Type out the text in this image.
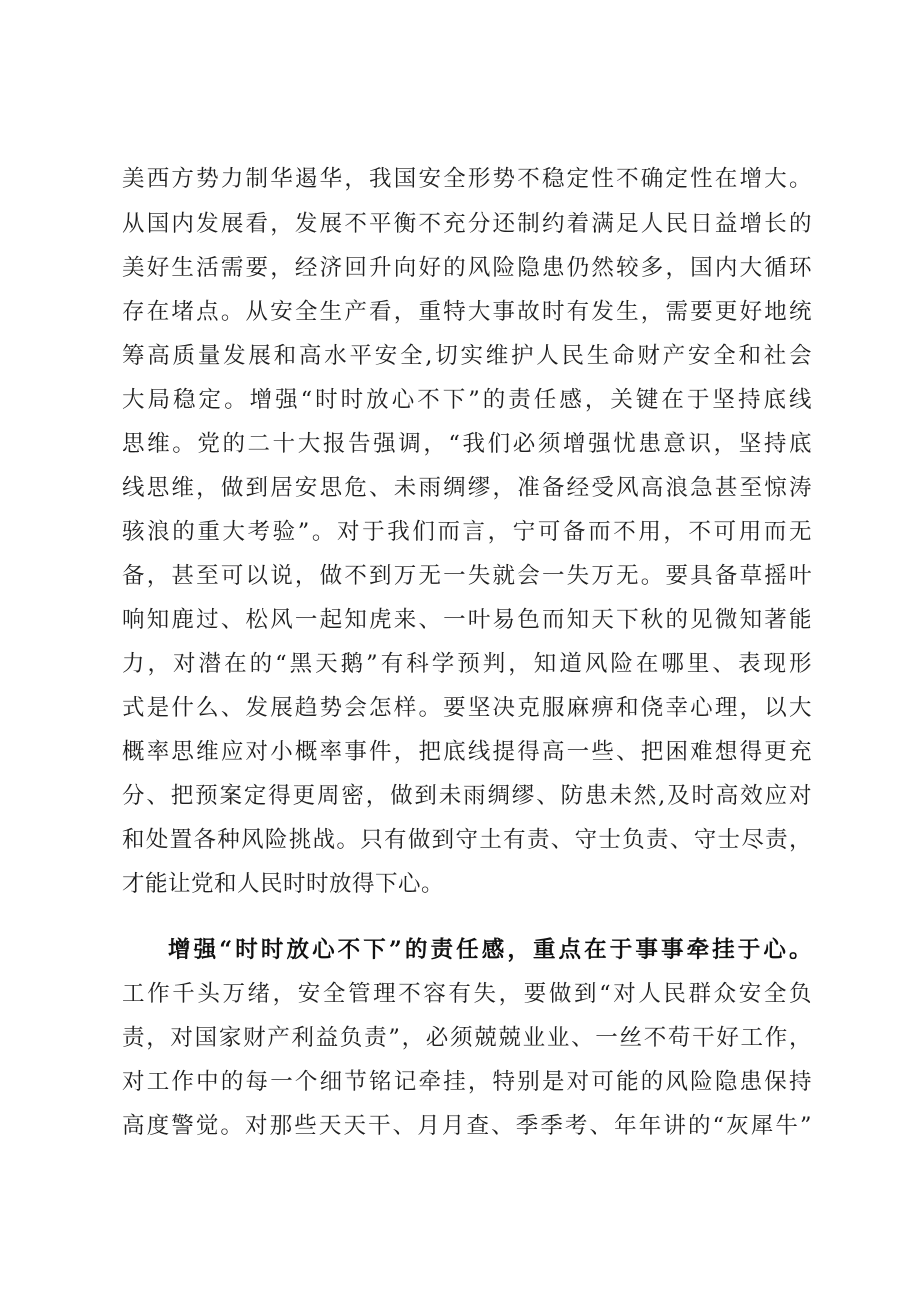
美西方势力制华遏华，我国安全形势不稳定性不确定性在增大。
从国内发展看，发展不平衡不充分还制约着满足人民日益增长的
美好生活需要，经济回升向好的风险隐患仍然较多，国内大循环
存在堵点。从安全生产看，重特大事故时有发生，需要更好地统
筹高质量发展和高水平安全,切实维护人民生命财产安全和社会
大局稳定。增强“时时放心不下”的责任感，关键在于坚持底线
思维。党的二十大报告强调，“我们必须增强忧患意识，坚持底
线思维，做到居安思危、未雨绸缪，准备经受风高浪急甚至惊涛
骇浪的重大考验”。对于我们而言，宁可备而不用，不可用而无
备，甚至可以说，做不到万无一失就会一失万无。要具备草摇叶
响知鹿过、松风一起知虎来、一叶易色而知天下秋的见微知著能
力，对潜在的“黑天鹅”有科学预判，知道风险在哪里、表现形
式是什么、发展趋势会怎样。要坚决克服麻痹和侥幸心理，以大
概率思维应对小概率事件，把底线提得高一些、把困难想得更充
分、把预案定得更周密，做到未雨绸缪、防患未然,及时高效应对
和处置各种风险挑战。只有做到守土有责、守士负责、守士尽责，
才能让党和人民时时放得下心。
增强“时时放心不下”的责任感，重点在于事事牵挂于心。
工作千头万绪，安全管理不容有失，要做到“对人民群众安全负
责，对国家财产利益负责”，必须兢兢业业、一丝不苟干好工作，
对工作中的每一个细节铭记牵挂，特别是对可能的风险隐患保持
高度警觉。对那些天天干、月月查、季季考、年年讲的“灰犀牛”
